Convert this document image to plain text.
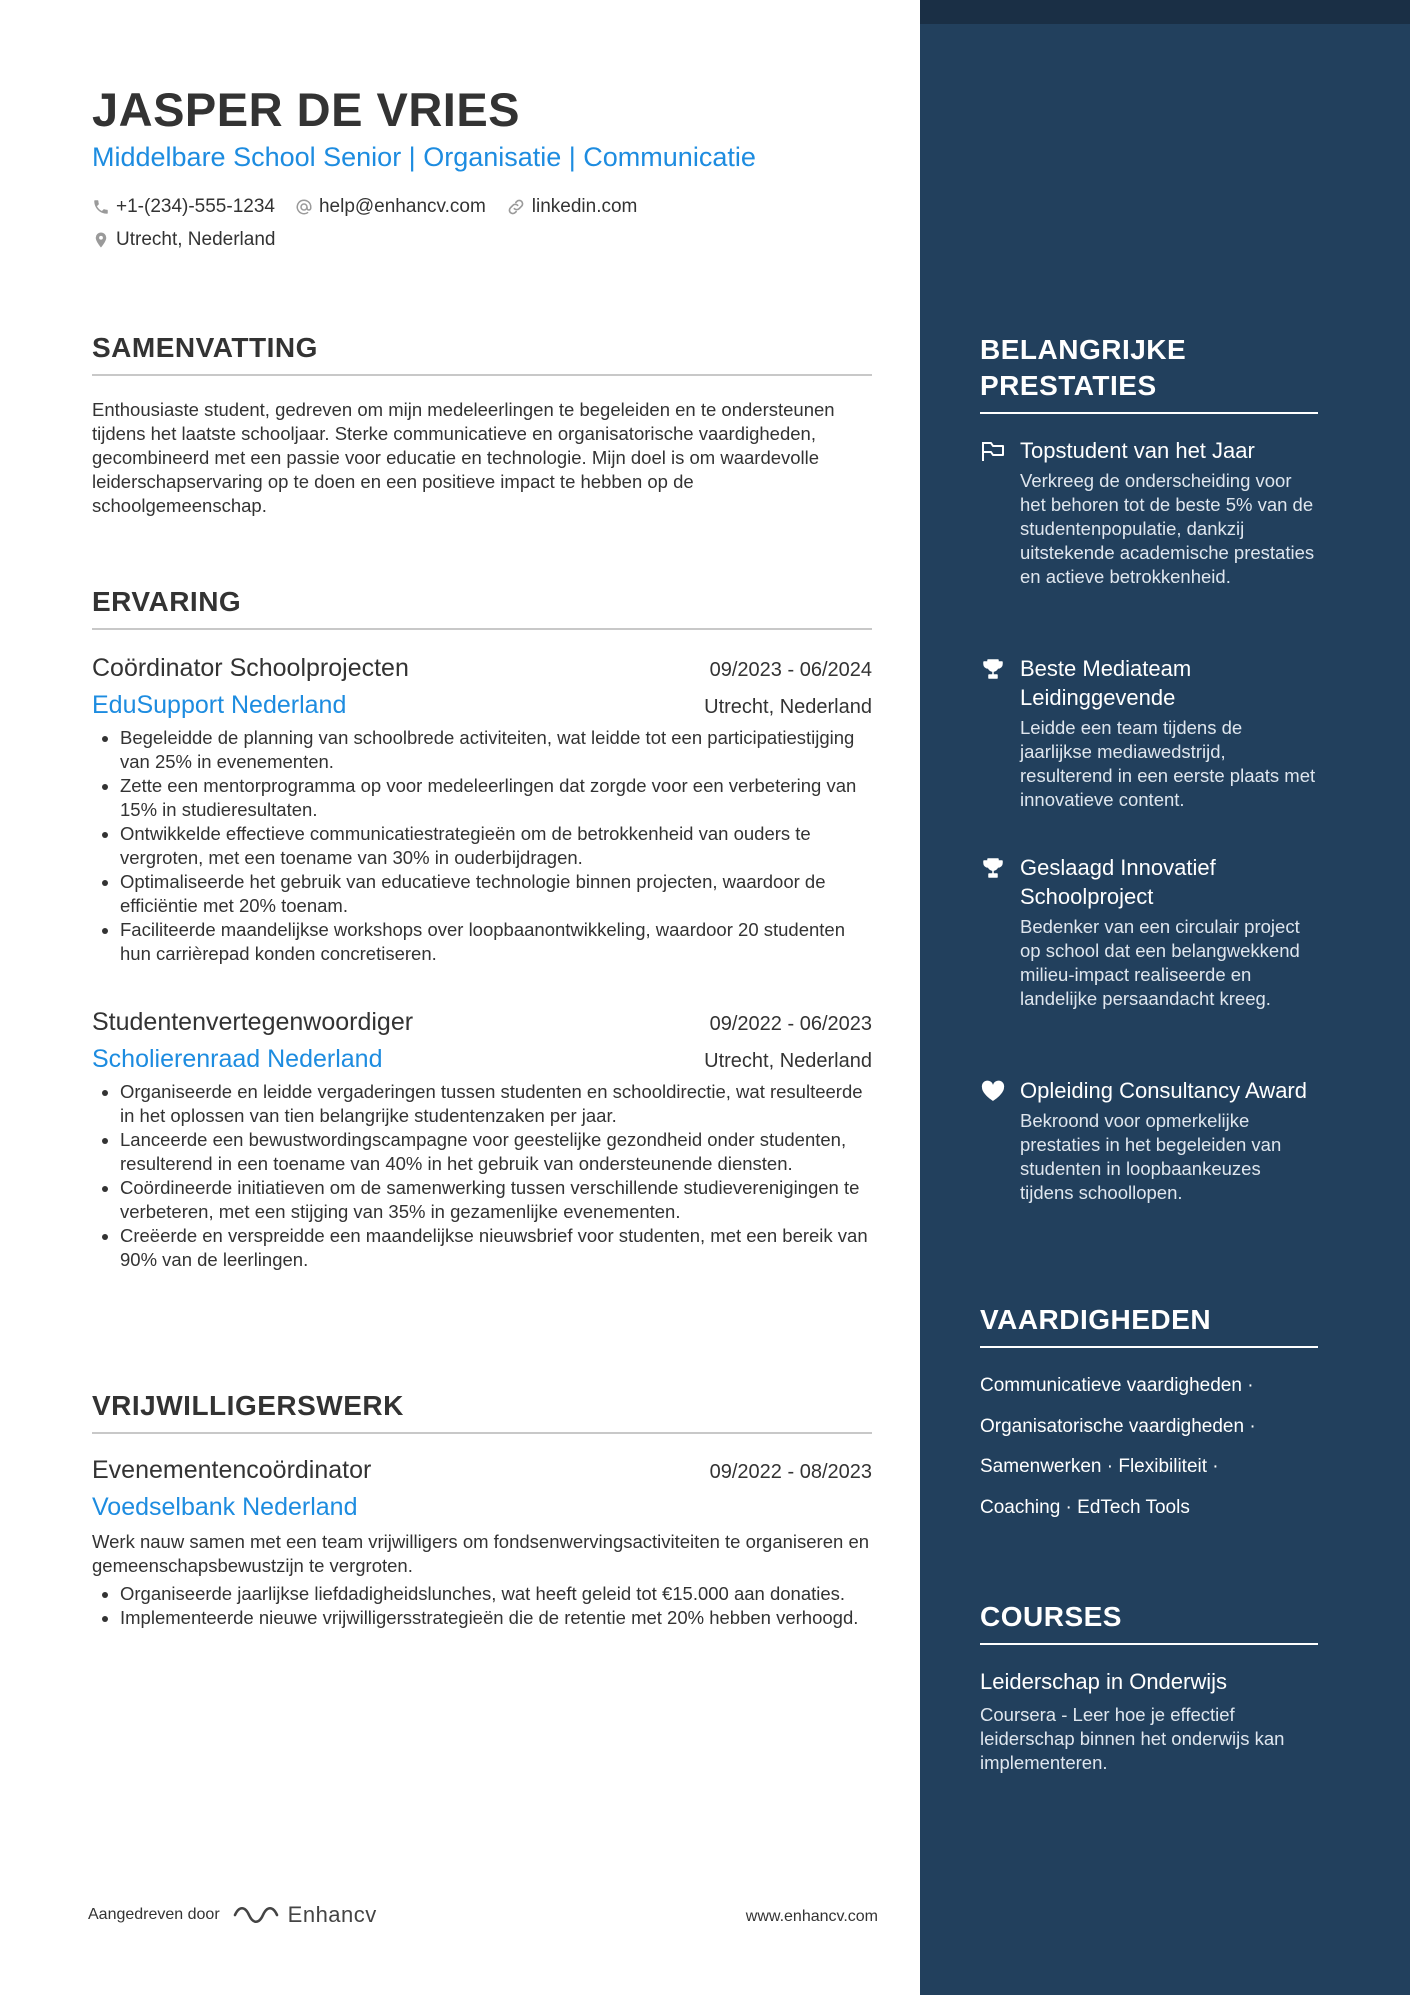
JASPER DE VRIES
Middelbare School Senior | Organisatie | Communicatie
+1-(234)-555-1234 help@enhancv.com linkedin.com
Utrecht, Nederland
SAMENVATTING

Enthousiaste student, gedreven om mijn medeleerlingen te begeleiden en te ondersteunen tijdens het laatste schooljaar. Sterke communicatieve en organisatorische vaardigheden, gecombineerd met een passie voor educatie en technologie. Mijn doel is om waardevolle leiderschapservaring op te doen en een positieve impact te hebben op de schoolgemeenschap.

ERVARING
Coördinator Schoolprojecten	09/2023 - 06/2024
EduSupport Nederland	Utrecht, Nederland
• Begeleidde de planning van schoolbrede activiteiten, wat leidde tot een participatiestijging van 25% in evenementen.
• Zette een mentorprogramma op voor medeleerlingen dat zorgde voor een verbetering van 15% in studieresultaten.
• Ontwikkelde effectieve communicatiestrategieën om de betrokkenheid van ouders te vergroten, met een toename van 30% in ouderbijdragen.
• Optimaliseerde het gebruik van educatieve technologie binnen projecten, waardoor de efficiëntie met 20% toenam.
• Faciliteerde maandelijkse workshops over loopbaanontwikkeling, waardoor 20 studenten hun carrièrepad konden concretiseren.
Studentenvertegenwoordiger	09/2022 - 06/2023
Scholierenraad Nederland	Utrecht, Nederland
• Organiseerde en leidde vergaderingen tussen studenten en schooldirectie, wat resulteerde in het oplossen van tien belangrijke studentenzaken per jaar.
• Lanceerde een bewustwordingscampagne voor geestelijke gezondheid onder studenten, resulterend in een toename van 40% in het gebruik van ondersteunende diensten.
• Coördineerde initiatieven om de samenwerking tussen verschillende studieverenigingen te verbeteren, met een stijging van 35% in gezamenlijke evenementen.
• Creëerde en verspreidde een maandelijkse nieuwsbrief voor studenten, met een bereik van 90% van de leerlingen.
VRIJWILLIGERSWERK
Evenementencoördinator	09/2022 - 08/2023
Voedselbank Nederland

Werk nauw samen met een team vrijwilligers om fondsenwervingsactiviteiten te organiseren en gemeenschapsbewustzijn te vergroten.

• Organiseerde jaarlijkse liefdadigheidslunches, wat heeft geleid tot €15.000 aan donaties.
• Implementeerde nieuwe vrijwilligersstrategieën die de retentie met 20% hebben verhoogd.
Aangedreven door	Enhancv	www.enhancv.com
BELANGRIJKE PRESTATIES
Topstudent van het Jaar
Verkreeg de onderscheiding voor het behoren tot de beste 5% van de studentenpopulatie, dankzij uitstekende academische prestaties en actieve betrokkenheid.
Beste Mediateam Leidinggevende
Leidde een team tijdens de jaarlijkse mediawedstrijd, resulterend in een eerste plaats met innovatieve content.
Geslaagd Innovatief Schoolproject
Bedenker van een circulair project op school dat een belangwekkend milieu-impact realiseerde en landelijke persaandacht kreeg.
Opleiding Consultancy Award
Bekroond voor opmerkelijke prestaties in het begeleiden van studenten in loopbaankeuzes tijdens schoollopen.
VAARDIGHEDEN
Communicatieve vaardigheden ·
Organisatorische vaardigheden ·
Samenwerken · Flexibiliteit ·
Coaching · EdTech Tools
COURSES
Leiderschap in Onderwijs
Coursera - Leer hoe je effectief leiderschap binnen het onderwijs kan implementeren.
